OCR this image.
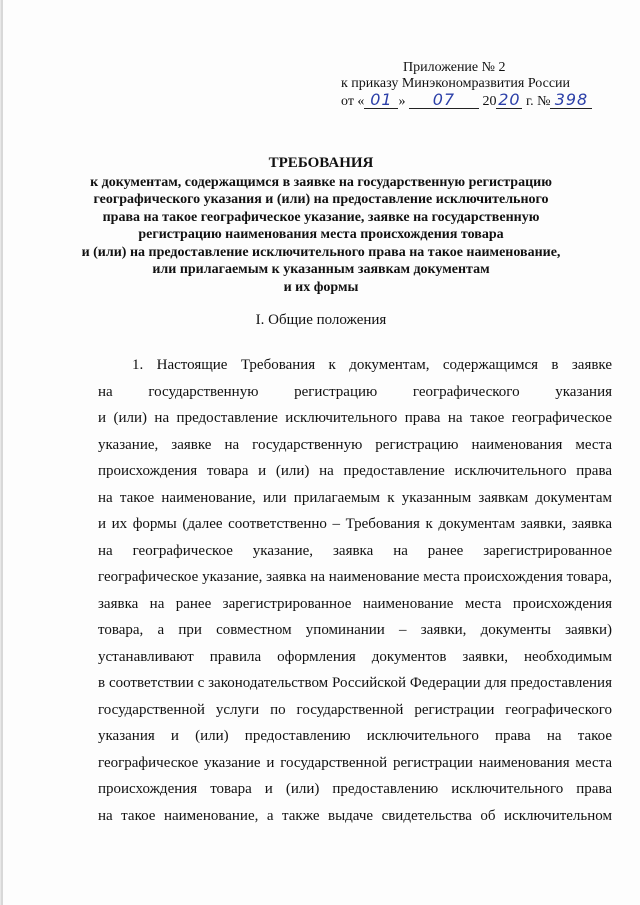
Приложение № 2
к приказу Минэкономразвития России
от « 01 » 07 20 20 г. № 398
ТРЕБОВАНИЯ
к документам, содержащимся в заявке на государственную регистрацию
географического указания и (или) на предоставление исключительного
права на такое географическое указание, заявке на государственную
регистрацию наименования места происхождения товара
и (или) на предоставление исключительного права на такое наименование,
или прилагаемым к указанным заявкам документам
и их формы
I. Общие положения
1. Настоящие Требования к документам, содержащимся в заявке
на государственную регистрацию географического указания
и (или) на предоставление исключительного права на такое географическое
указание, заявке на государственную регистрацию наименования места
происхождения товара и (или) на предоставление исключительного права
на такое наименование, или прилагаемым к указанным заявкам документам
и их формы (далее соответственно – Требования к документам заявки, заявка
на географическое указание, заявка на ранее зарегистрированное
географическое указание, заявка на наименование места происхождения товара,
заявка на ранее зарегистрированное наименование места происхождения
товара, а при совместном упоминании – заявки, документы заявки)
устанавливают правила оформления документов заявки, необходимым
в соответствии с законодательством Российской Федерации для предоставления
государственной услуги по государственной регистрации географического
указания и (или) предоставлению исключительного права на такое
географическое указание и государственной регистрации наименования места
происхождения товара и (или) предоставлению исключительного права
на такое наименование, а также выдаче свидетельства об исключительном
